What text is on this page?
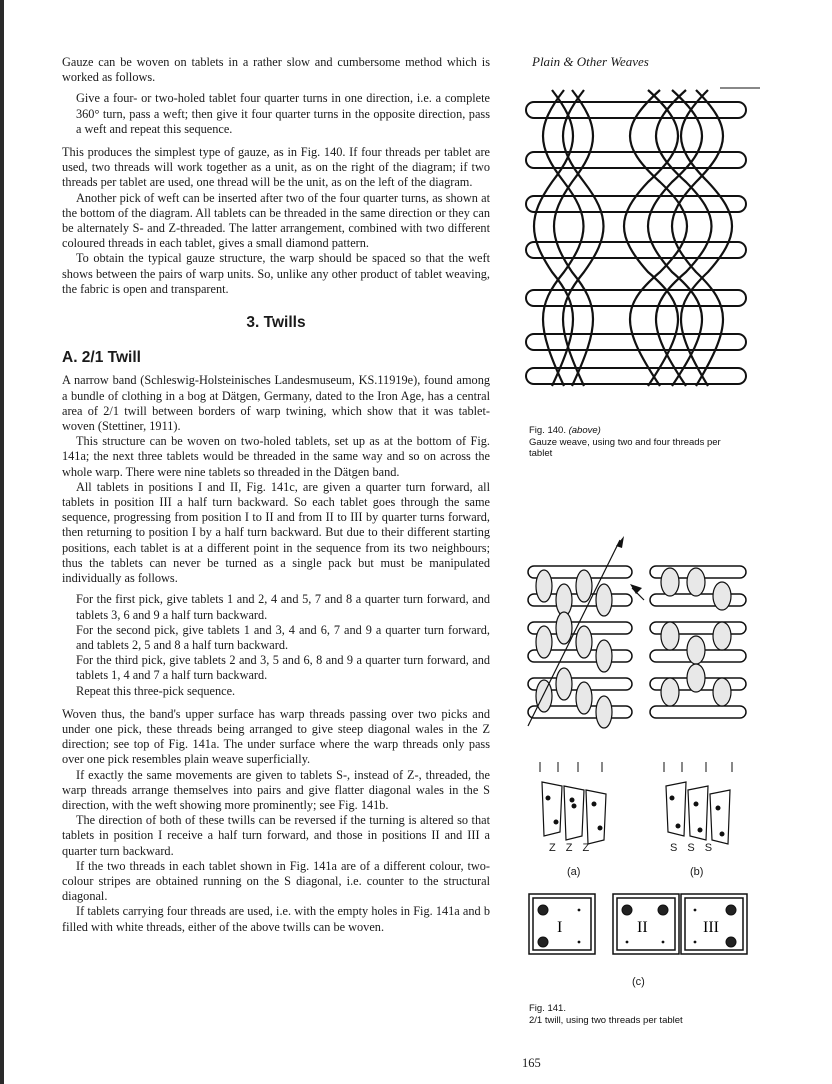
Gauze can be woven on tablets in a rather slow and cumbersome method which is worked as follows.

Give a four- or two-holed tablet four quarter turns in one direction, i.e. a complete 360° turn, pass a weft; then give it four quarter turns in the opposite direction, pass a weft and repeat this sequence.

This produces the simplest type of gauze, as in Fig. 140. If four threads per tablet are used, two threads will work together as a unit, as on the right of the diagram; if two threads per tablet are used, one thread will be the unit, as on the left of the diagram.

Another pick of weft can be inserted after two of the four quarter turns, as shown at the bottom of the diagram. All tablets can be threaded in the same direction or they can be alternately S- and Z-threaded. The latter arrangement, combined with two different coloured threads in each tablet, gives a small diamond pattern.

To obtain the typical gauze structure, the warp should be spaced so that the weft shows between the pairs of warp units. So, unlike any other product of tablet weaving, the fabric is open and transparent.

3. Twills

A. 2/1 Twill

A narrow band (Schleswig-Holsteinisches Landesmuseum, KS.11919e), found among a bundle of clothing in a bog at Dätgen, Germany, dated to the Iron Age, has a central area of 2/1 twill between borders of warp twining, which show that it was tablet-woven (Stettiner, 1911).

This structure can be woven on two-holed tablets, set up as at the bottom of Fig. 141a; the next three tablets would be threaded in the same way and so on across the whole warp. There were nine tablets so threaded in the Dätgen band.

All tablets in positions I and II, Fig. 141c, are given a quarter turn forward, all tablets in position III a half turn backward. So each tablet goes through the same sequence, progressing from position I to II and from II to III by quarter turns forward, then returning to position I by a half turn backward. But due to their different starting positions, each tablet is at a different point in the sequence from its two neighbours; thus the tablets can never be turned as a single pack but must be manipulated individually as follows.

For the first pick, give tablets 1 and 2, 4 and 5, 7 and 8 a quarter turn forward, and tablets 3, 6 and 9 a half turn backward.

For the second pick, give tablets 1 and 3, 4 and 6, 7 and 9 a quarter turn forward, and tablets 2, 5 and 8 a half turn backward.

For the third pick, give tablets 2 and 3, 5 and 6, 8 and 9 a quarter turn forward, and tablets 1, 4 and 7 a half turn backward.

Repeat this three-pick sequence.

Woven thus, the band's upper surface has warp threads passing over two picks and under one pick, these threads being arranged to give steep diagonal wales in the Z direction; see top of Fig. 141a. The under surface where the warp threads only pass over one pick resembles plain weave superficially.

If exactly the same movements are given to tablets S-, instead of Z-, threaded, the warp threads arrange themselves into pairs and give flatter diagonal wales in the S direction, with the weft showing more prominently; see Fig. 141b.

The direction of both of these twills can be reversed if the turning is altered so that tablets in position I receive a half turn forward, and those in positions II and III a quarter turn backward.

If the two threads in each tablet shown in Fig. 141a are of a different colour, two-colour stripes are obtained running on the S diagonal, i.e. counter to the structural diagonal.

If tablets carrying four threads are used, i.e. with the empty holes in Fig. 141a and b filled with white threads, either of the above twills can be woven.

Plain & Other Weaves
Fig. 140. (above)
Gauze weave, using two and four threads per tablet
ZZZ	SSS
(a)	(b)
I	II	III
(c)
Fig. 141.
2/1 twill, using two threads per tablet
165
